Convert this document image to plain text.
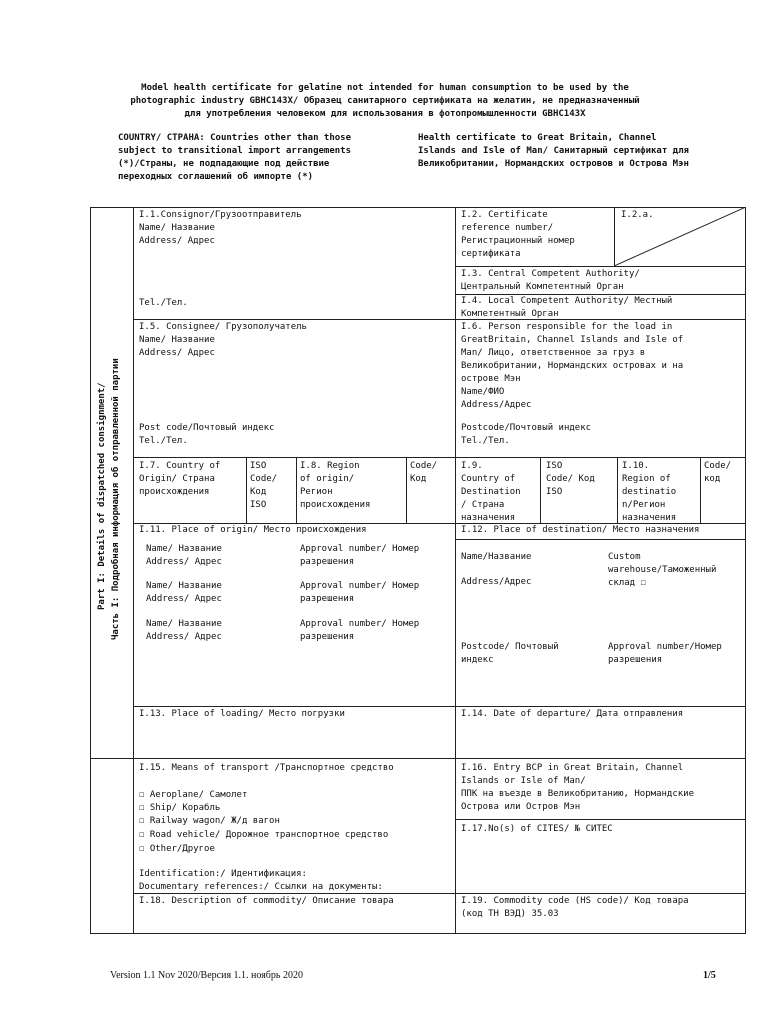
Model health certificate for gelatine not intended for human consumption to be used by the
photographic industry GBHC143X/ Образец санитарного сертификата на желатин, не предназначенный
для употребления человеком для использования в фотопромышленности GBHC143X
COUNTRY/ СТРАНА: Countries other than those
subject to transitional import arrangements
(*)/Страны, не подпадающие под действие
переходных соглашений об импорте (*)
Health certificate to Great Britain, Channel
Islands and Isle of Man/ Санитарный сертификат для
Великобритании, Нормандских островов и Острова Мэн
Part I: Details of dispatched consignment/ Часть I: Подробная информация об отправленной партии
I.1.Consignor/Грузоотправитель
Name/ Название
Address/ Адрес
Tel./Тел.
I.2. Certificate
reference number/
Регистрационный номер
сертификата
I.2.a.
I.3. Central Competent Authority/
Центральный Компетентный Орган
I.4. Local Competent Authority/ Местный
Компетентный Орган
I.5. Consignee/ Грузополучатель
Name/ Название
Address/ Адрес
Post code/Почтовый индекс
Tel./Тел.
I.6. Person responsible for the load in
GreatBritain, Channel Islands and Isle of
Man/ Лицо, ответственное за груз в
Великобритании, Нормандских островах и на
острове Мэн
Name/ФИО
Address/Адрес
Postcode/Почтовый индекс
Tel./Тел.
I.7. Country of
Origin/ Страна
происхождения
ISO
Code/
Код
ISO
I.8. Region
of origin/
Регион
происхождения
Code/
Код
I.9.
Country of
Destination
/ Страна
назначения
ISO
Code/ Код
ISO
I.10.
Region of
destinatio
n/Регион
назначения
Code/
код
I.11. Place of origin/ Место происхождения
Name/ Название
Address/ Адрес
Approval number/ Номер
разрешения
Name/ Название
Address/ Адрес
Approval number/ Номер
разрешения
Name/ Название
Address/ Адрес
Approval number/ Номер
разрешения
I.12. Place of destination/ Место назначения
Name/Название
Address/Адрес
Custom
warehouse/Таможенный
склад ☐
Postcode/ Почтовый
индекс
Approval number/Номер
разрешения
I.13. Place of loading/ Место погрузки	I.14. Date of departure/ Дата отправления
I.15. Means of transport /Транспортное средство
☐ Aeroplane/ Самолет
☐ Ship/ Корабль
☐ Railway wagon/ Ж/д вагон
☐ Road vehicle/ Дорожное транспортное средство
☐ Other/Другое
Identification:/ Идентификация:
Documentary references:/ Ссылки на документы:
I.16. Entry BCP in Great Britain, Channel
Islands or Isle of Man/
ППК на въезде в Великобританию, Нормандские
Острова или Остров Мэн
I.17.No(s) of CITES/ № СИТЕС
I.18. Description of commodity/ Описание товара	I.19. Commodity code (HS code)/ Код товара
(код ТН ВЭД) 35.03
Version 1.1 Nov 2020/Версия 1.1. ноябрь 2020	1/5
